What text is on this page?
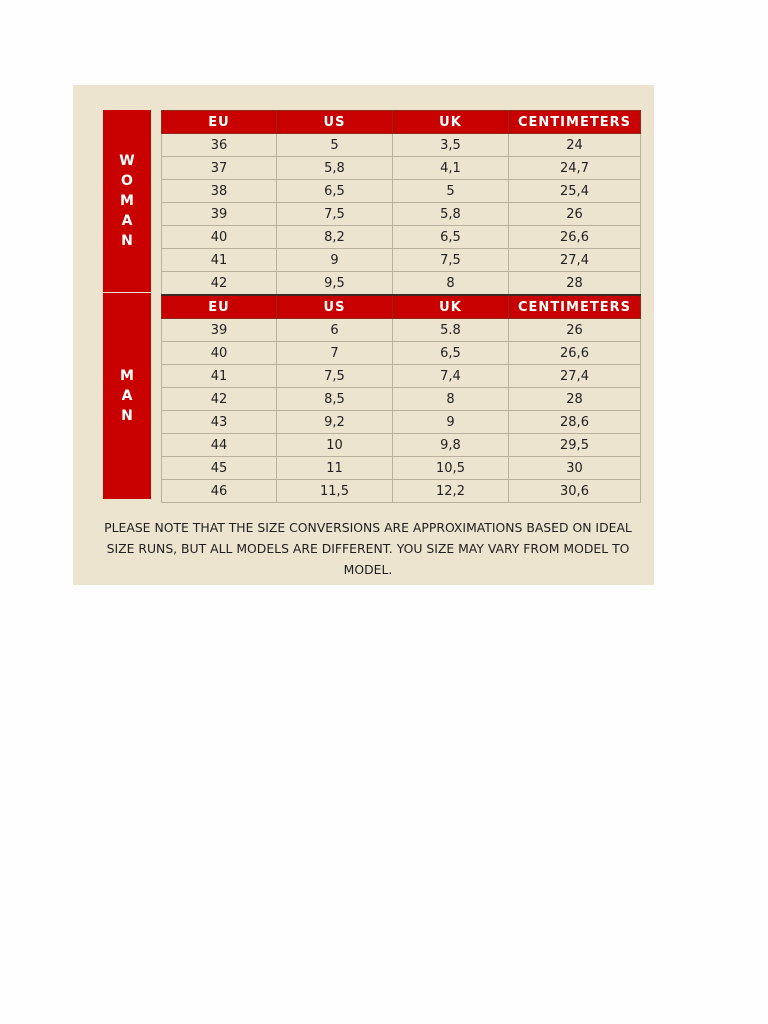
W
O
M
A
N
M
A
N
EU	US	UK	CENTIMETERS
36	5	3,5	24
37	5,8	4,1	24,7
38	6,5	5	25,4
39	7,5	5,8	26
40	8,2	6,5	26,6
41	9	7,5	27,4
42	9,5	8	28
EU	US	UK	CENTIMETERS
39	6	5.8	26
40	7	6,5	26,6
41	7,5	7,4	27,4
42	8,5	8	28
43	9,2	9	28,6
44	10	9,8	29,5
45	11	10,5	30
46	11,5	12,2	30,6
PLEASE NOTE THAT THE SIZE CONVERSIONS ARE APPROXIMATIONS BASED ON IDEAL SIZE RUNS, BUT ALL MODELS ARE DIFFERENT. YOU SIZE MAY VARY FROM MODEL TO MODEL.
